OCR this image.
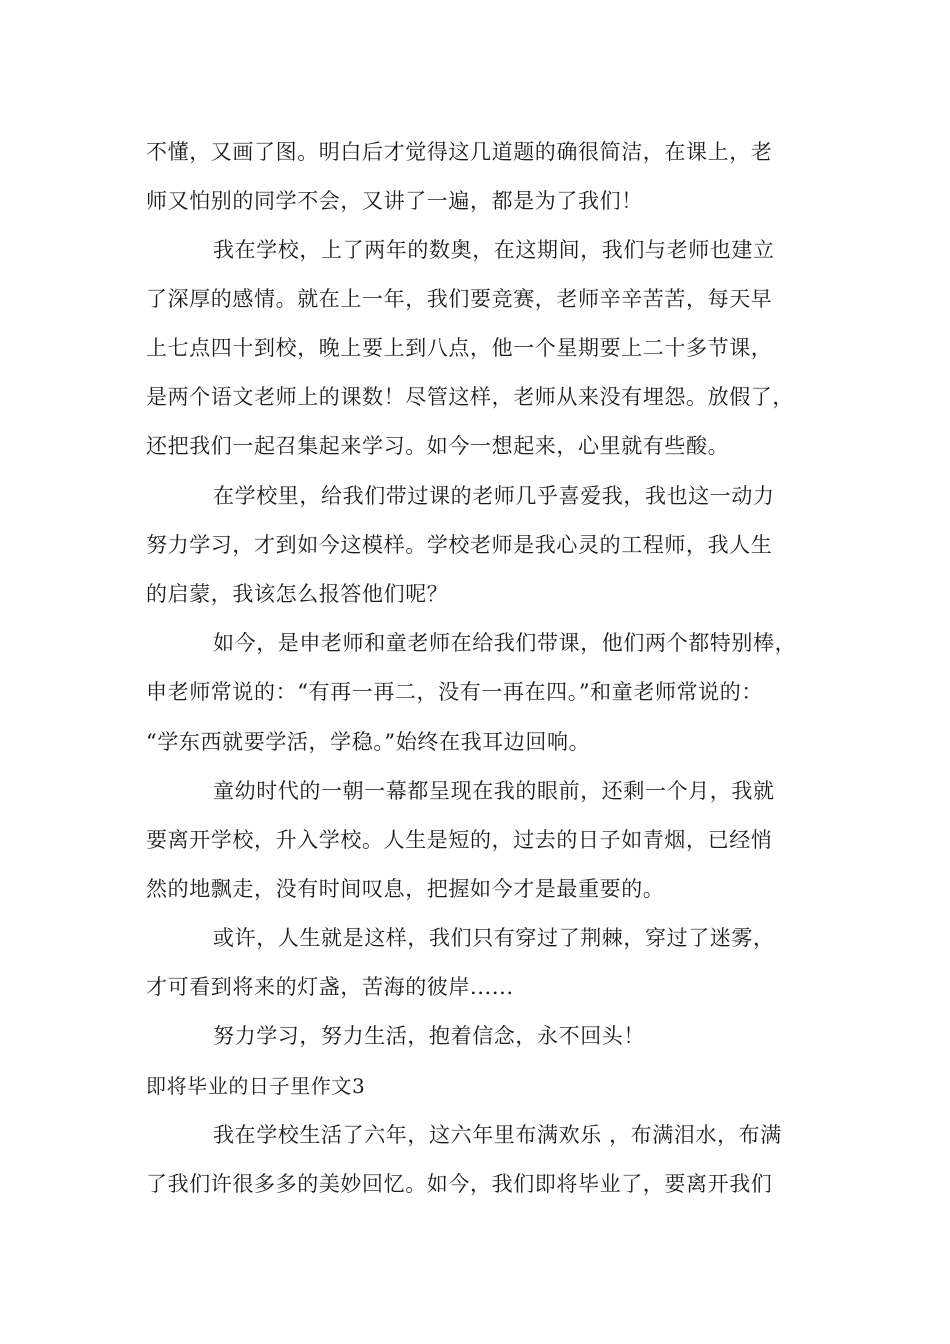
不懂，又画了图。明白后才觉得这几道题的确很简洁，在课上，老
师又怕别的同学不会，又讲了一遍，都是为了我们！
我在学校，上了两年的数奥，在这期间，我们与老师也建立
了深厚的感情。就在上一年，我们要竞赛，老师辛辛苦苦，每天早
上七点四十到校，晚上要上到八点，他一个星期要上二十多节课，
是两个语文老师上的课数！尽管这样，老师从来没有埋怨。放假了，
还把我们一起召集起来学习。如今一想起来，心里就有些酸。
在学校里，给我们带过课的老师几乎喜爱我，我也这一动力
努力学习，才到如今这模样。学校老师是我心灵的工程师，我人生
的启蒙，我该怎么报答他们呢？
如今，是申老师和童老师在给我们带课，他们两个都特别棒，
申老师常说的：“有再一再二，没有一再在四。”和童老师常说的：
“学东西就要学活，学稳。”始终在我耳边回响。
童幼时代的一朝一幕都呈现在我的眼前，还剩一个月，我就
要离开学校，升入学校。人生是短的，过去的日子如青烟，已经悄
然的地飘走，没有时间叹息，把握如今才是最重要的。
或许，人生就是这样，我们只有穿过了荆棘，穿过了迷雾，
才可看到将来的灯盏，苦海的彼岸......
努力学习，努力生活，抱着信念，永不回头！
即将毕业的日子里作文3
我在学校生活了六年，这六年里布满欢乐 ，布满泪水，布满
了我们许很多多的美妙回忆。如今，我们即将毕业了，要离开我们
